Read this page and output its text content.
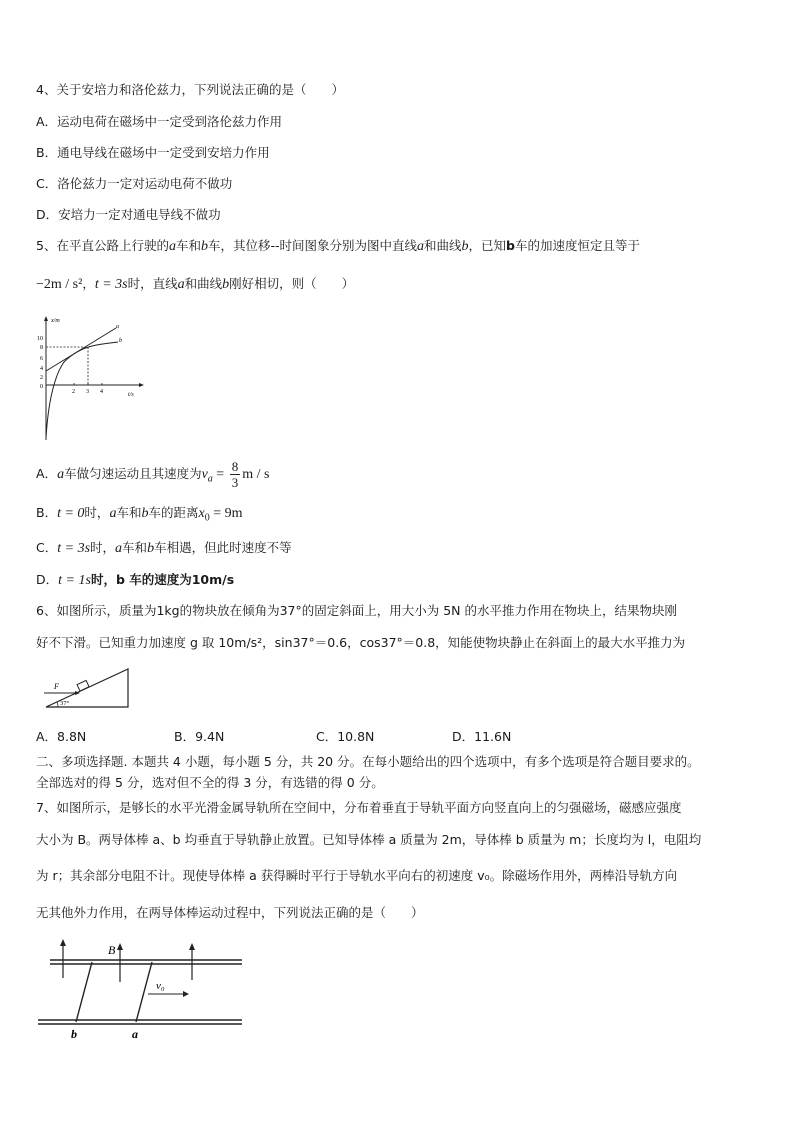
4、关于安培力和洛伦兹力，下列说法正确的是（　　）
A．运动电荷在磁场中一定受到洛伦兹力作用
B．通电导线在磁场中一定受到安培力作用
C．洛伦兹力一定对运动电荷不做功
D．安培力一定对通电导线不做功
5、在平直公路上行驶的a车和b车，其位移--时间图象分别为图中直线a和曲线b，已知b车的加速度恒定且等于
−2m / s²，t = 3s时，直线a和曲线b刚好相切，则（　　）
x/m
t/s
10
8
6
4
2
0
2 3 4
a
b
A．a车做匀速运动且其速度为$v_a = \frac{8}{3}$ m / s
B．t = 0时，a车和b车的距离$x_0 = 9m$
C．t = 3s时，a车和b车相遇，但此时速度不等
D．t = 1s时，b 车的速度为10m/s
6、如图所示，质量为1kg的物块放在倾角为37°的固定斜面上，用大小为 5N 的水平推力作用在物块上，结果物块刚
好不下滑。已知重力加速度 g 取 10m/s²，sin37°＝0.6，cos37°＝0.8，知能使物块静止在斜面上的最大水平推力为
F
37°
A．8.8N	B．9.4N	C．10.8N	D．11.6N
二、多项选择题. 本题共 4 小题，每小题 5 分，共 20 分。在每小题给出的四个选项中，有多个选项是符合题目要求的。
全部选对的得 5 分，选对但不全的得 3 分，有选错的得 0 分。
7、如图所示，是够长的水平光滑金属导轨所在空间中，分布着垂直于导轨平面方向竖直向上的匀强磁场，磁感应强度
大小为 B。两导体棒 a、b 均垂直于导轨静止放置。已知导体棒 a 质量为 2m，导体棒 b 质量为 m；长度均为 l，电阻均
为 r；其余部分电阻不计。现使导体棒 a 获得瞬时平行于导轨水平向右的初速度 v₀。除磁场作用外，两棒沿导轨方向
无其他外力作用，在两导体棒运动过程中，下列说法正确的是（　　）
B
v₀
b	a
